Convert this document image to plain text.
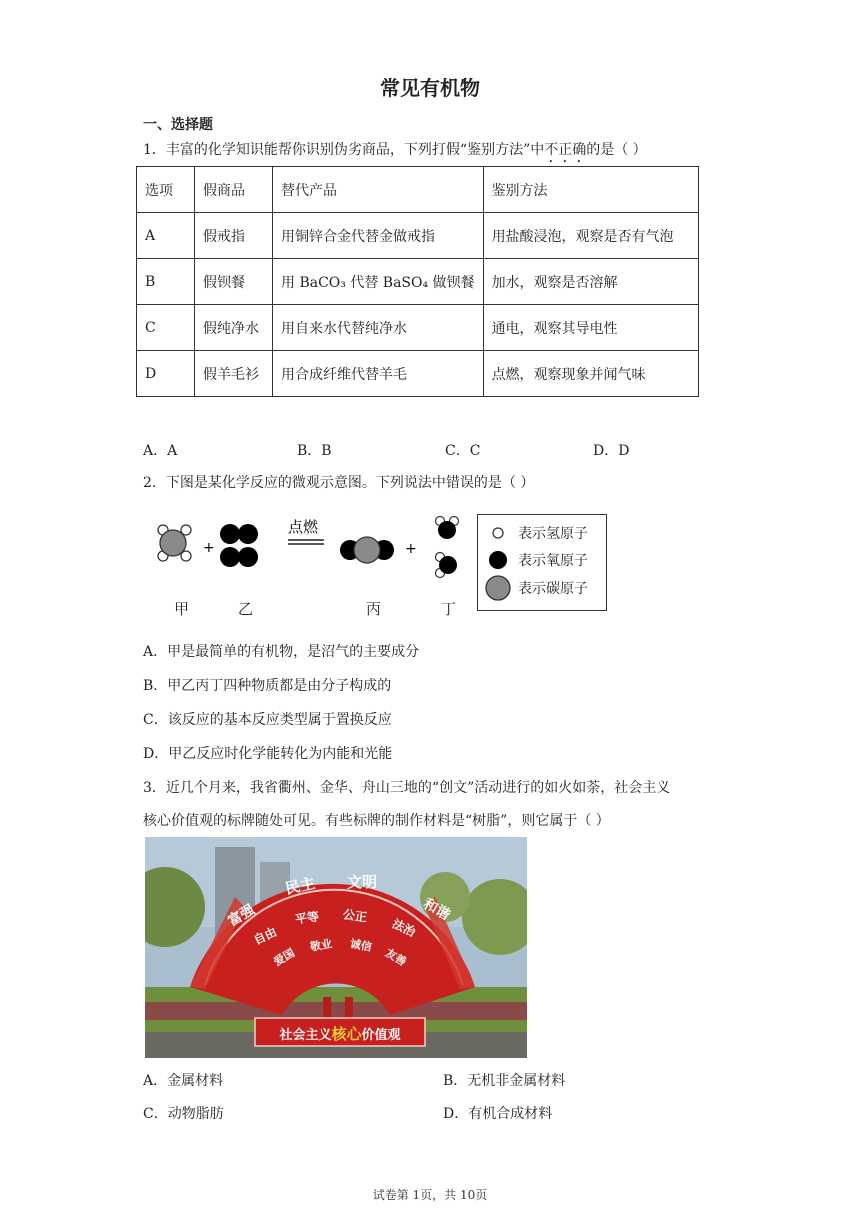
常见有机物
一、选择题
1．丰富的化学知识能帮你识别伪劣商品，下列打假“鉴别方法”中不正确的是（ ）
选项	假商品	替代产品	鉴别方法
A	假戒指	用铜锌合金代替金做戒指	用盐酸浸泡，观察是否有气泡
B	假钡餐	用 BaCO₃ 代替 BaSO₄ 做钡餐	加水，观察是否溶解
C	假纯净水	用自来水代替纯净水	通电，观察其导电性
D	假羊毛衫	用合成纤维代替羊毛	点燃，观察现象并闻气味
A．A	B．B	C．C	D．D
2．下图是某化学反应的微观示意图。下列说法中错误的是（ ）
+
点燃
+
甲	乙	丙	丁
表示氢原子
表示氧原子
表示碳原子
A．甲是最简单的有机物，是沼气的主要成分
B．甲乙丙丁四种物质都是由分子构成的
C．该反应的基本反应类型属于置换反应
D．甲乙反应时化学能转化为内能和光能
3．近几个月来，我省衢州、金华、舟山三地的“创文”活动进行的如火如荼，社会主义
核心价值观的标牌随处可见。有些标牌的制作材料是“树脂”，则它属于（ ）
民主 文明
富强	和谐
自由
平等 公正
法治
爱国
敬业 诚信
友善
社会主义核心价值观
A．金属材料	B．无机非金属材料
C．动物脂肪	D．有机合成材料
试卷第 1页，共 10页
